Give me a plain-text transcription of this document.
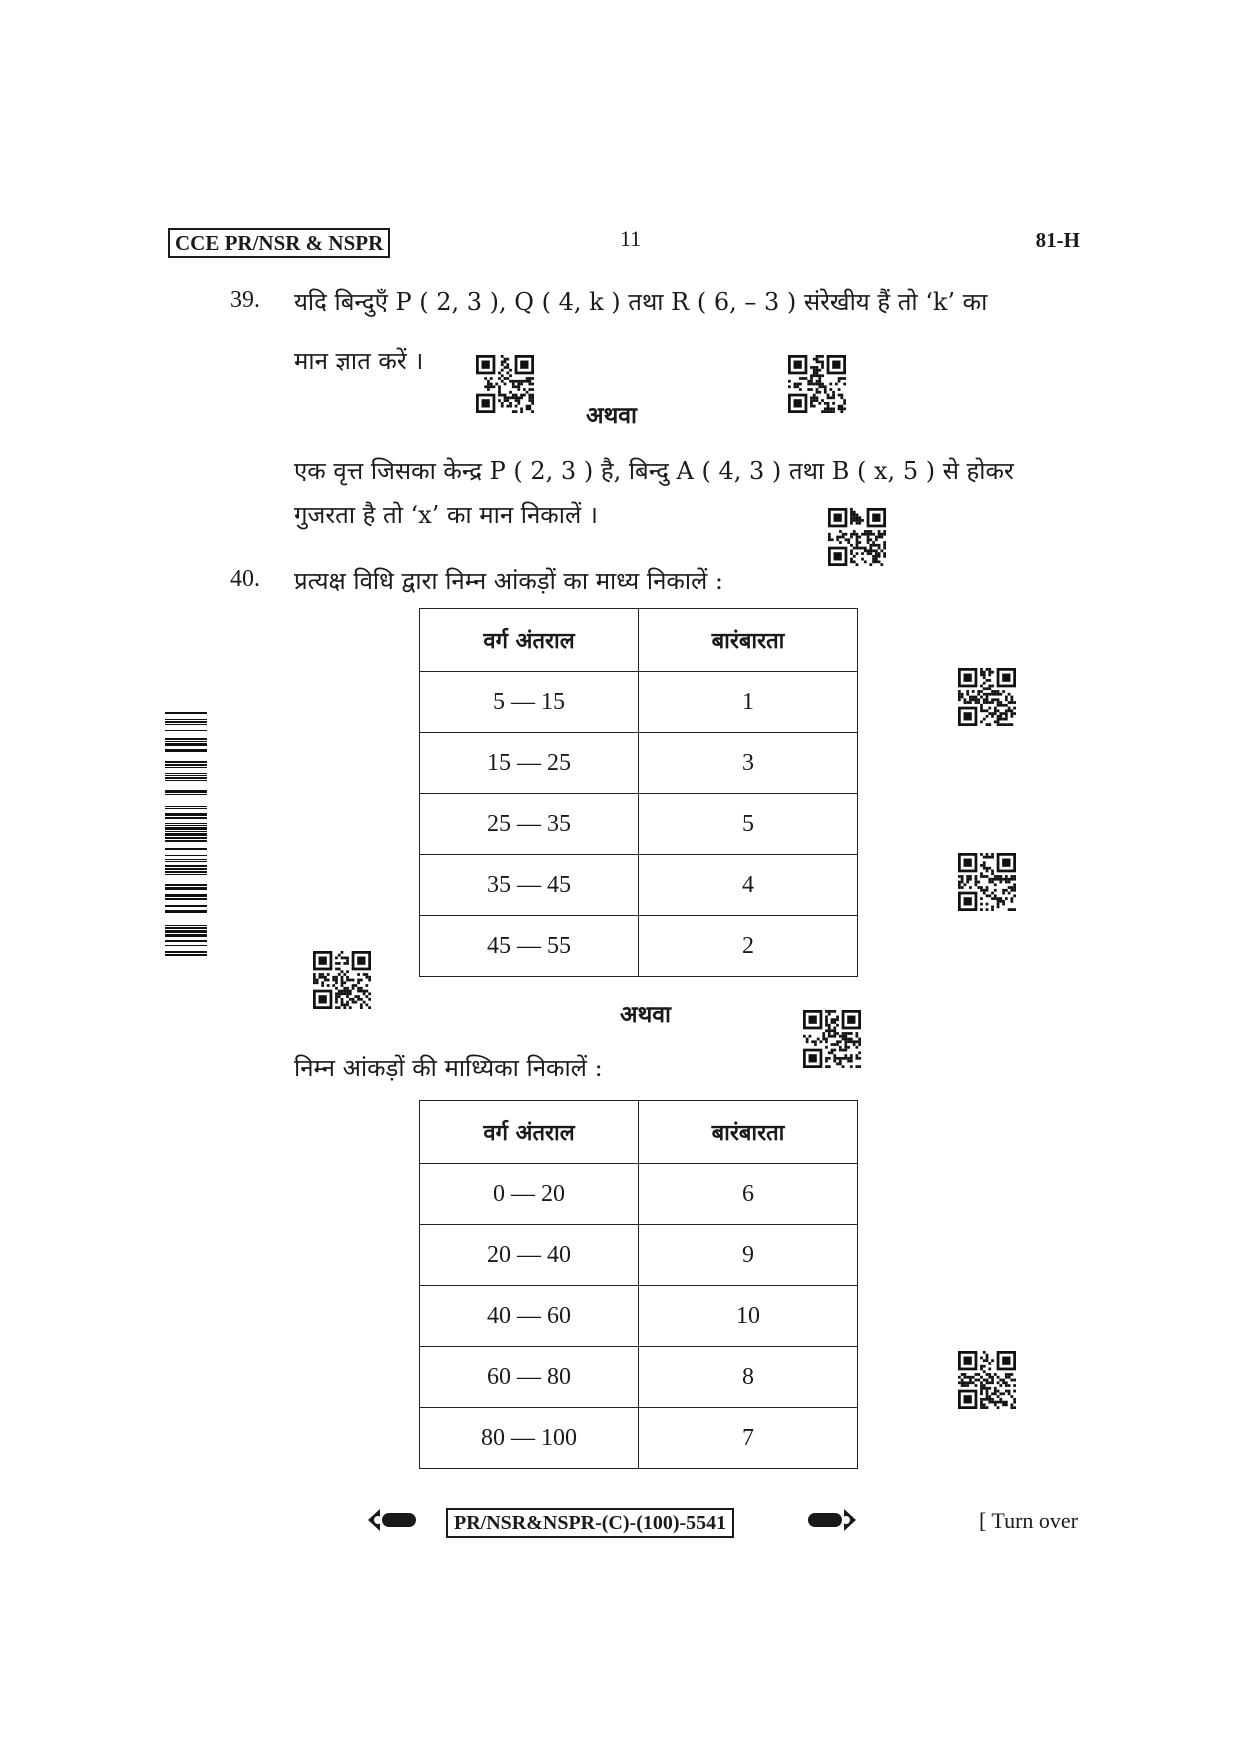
CCE PR/NSR & NSPR	11	81-H
39. यदि बिन्दुएँ P ( 2, 3 ), Q ( 4, k ) तथा R ( 6, – 3 ) संरेखीय हैं तो ‘k’ का
मान ज्ञात करें ।
अथवा
एक वृत्त जिसका केन्द्र P ( 2, 3 ) है, बिन्दु A ( 4, 3 ) तथा B ( x, 5 ) से होकर
गुजरता है तो ‘x’ का मान निकालें ।
40. प्रत्यक्ष विधि द्वारा निम्न आंकड़ों का माध्य निकालें :
वर्ग अंतराल	बारंबारता
5 — 15	1
15 — 25	3
25 — 35	5
35 — 45	4
45 — 55	2
अथवा
निम्न आंकड़ों की माध्यिका निकालें :
वर्ग अंतराल	बारंबारता
0 — 20	6
20 — 40	9
40 — 60	10
60 — 80	8
80 — 100	7
PR/NSR&NSPR-(C)-(100)-5541	[ Turn over
